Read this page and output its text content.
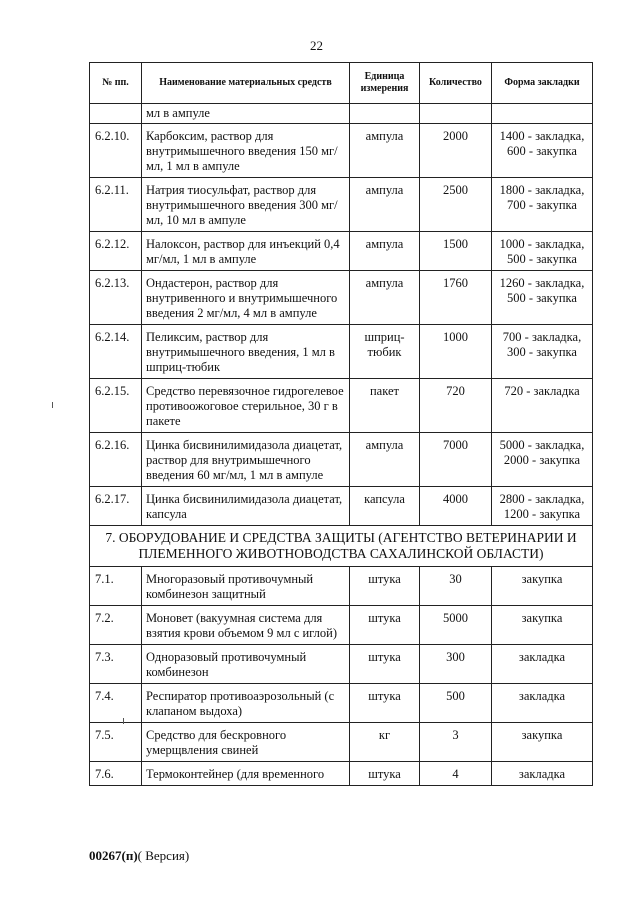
22
№ пп.	Наименование материальных средств	Единица измерения	Количество	Форма закладки
	мл в ампуле			
6.2.10.	Карбоксим, раствор для внутримышечного введения 150 мг/мл, 1 мл в ампуле	ампула	2000	1400 - закладка, 600 - закупка
6.2.11.	Натрия тиосульфат, раствор для внутримышечного введения 300 мг/мл, 10 мл в ампуле	ампула	2500	1800 - закладка, 700 - закупка
6.2.12.	Налоксон, раствор для инъекций 0,4 мг/мл, 1 мл в ампуле	ампула	1500	1000 - закладка, 500 - закупка
6.2.13.	Ондастерон, раствор для внутривенного и внутримышечного введения 2 мг/мл, 4 мл в ампуле	ампула	1760	1260 - закладка, 500 - закупка
6.2.14.	Пеликсим, раствор для внутримышечного введения, 1 мл в шприц-тюбик	шприц-тюбик	1000	700 - закладка, 300 - закупка
6.2.15.	Средство перевязочное гидрогелевое противоожоговое стерильное, 30 г в пакете	пакет	720	720 - закладка
6.2.16.	Цинка бисвинилимидазола диацетат, раствор для внутримышечного введения 60 мг/мл, 1 мл в ампуле	ампула	7000	5000 - закладка, 2000 - закупка
6.2.17.	Цинка бисвинилимидазола диацетат, капсула	капсула	4000	2800 - закладка, 1200 - закупка
7. ОБОРУДОВАНИЕ И СРЕДСТВА ЗАЩИТЫ (АГЕНТСТВО ВЕТЕРИНАРИИ И ПЛЕМЕННОГО ЖИВОТНОВОДСТВА САХАЛИНСКОЙ ОБЛАСТИ)				
7.1.	Многоразовый противочумный комбинезон защитный	штука	30	закупка
7.2.	Моновет (вакуумная система для взятия крови объемом 9 мл с иглой)	штука	5000	закупка
7.3.	Одноразовый противочумный комбинезон	штука	300	закладка
7.4.	Респиратор противоаэрозольный (с клапаном выдоха)	штука	500	закладка
7.5.	Средство для бескровного умерщвления свиней	кг	3	закупка
7.6.	Термоконтейнер (для временного	штука	4	закладка
00267(п)( Версия)
